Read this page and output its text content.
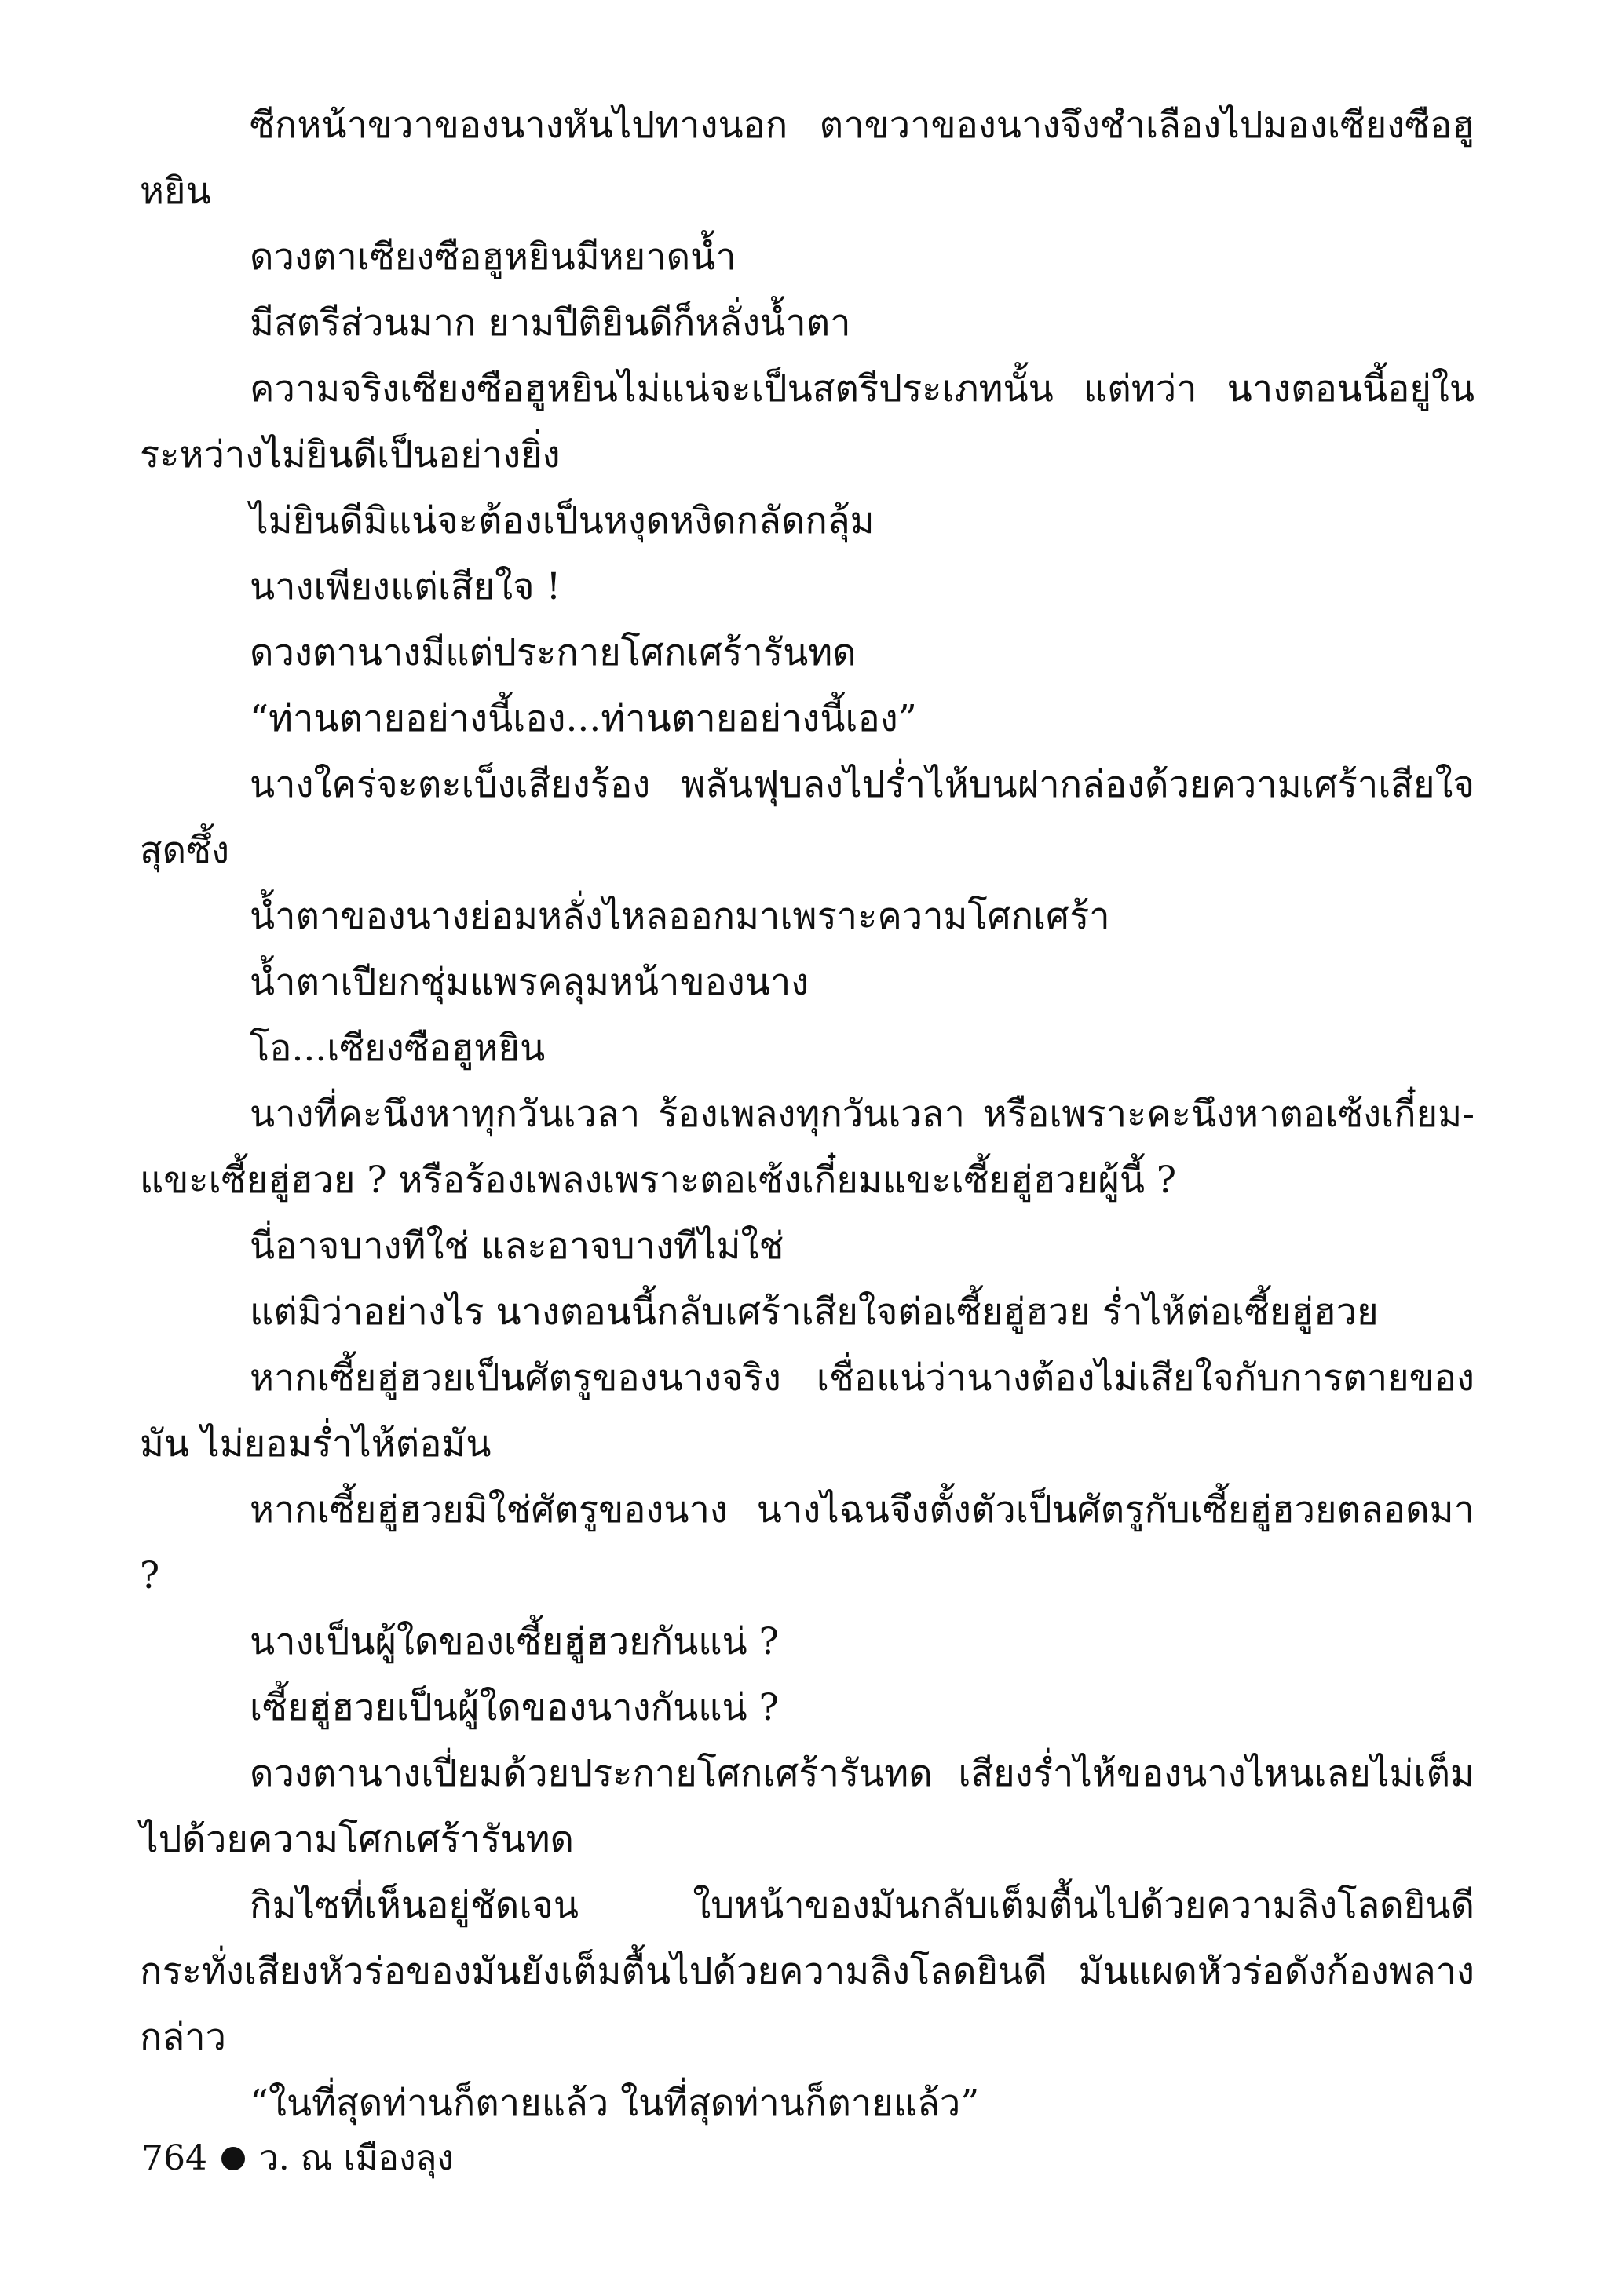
ซีกหน้าขวาของนางหันไปทางนอก ตาขวาของนางจึงชำเลืองไปมองเซียงซือฮูหยิน

ดวงตาเซียงซือฮูหยินมีหยาดน้ำ

มีสตรีส่วนมาก ยามปีติยินดีก็หลั่งน้ำตา

ความจริงเซียงซือฮูหยินไม่แน่จะเป็นสตรีประเภทนั้น แต่ทว่า นางตอนนี้อยู่ในระหว่างไม่ยินดีเป็นอย่างยิ่ง

ไม่ยินดีมิแน่จะต้องเป็นหงุดหงิดกลัดกลุ้ม

นางเพียงแต่เสียใจ !

ดวงตานางมีแต่ประกายโศกเศร้ารันทด

“ท่านตายอย่างนี้เอง...ท่านตายอย่างนี้เอง”

นางใคร่จะตะเบ็งเสียงร้อง พลันฟุบลงไปร่ำไห้บนฝากล่องด้วยความเศร้าเสียใจสุดซึ้ง

น้ำตาของนางย่อมหลั่งไหลออกมาเพราะความโศกเศร้า

น้ำตาเปียกชุ่มแพรคลุมหน้าของนาง

โอ...เซียงซือฮูหยิน

นางที่คะนึงหาทุกวันเวลา ร้องเพลงทุกวันเวลา หรือเพราะคะนึงหาตอเซ้งเกี๋ยม-แขะเซี้ยฮู่ฮวย ? หรือร้องเพลงเพราะตอเซ้งเกี๋ยมแขะเซี้ยฮู่ฮวยผู้นี้ ?

นี่อาจบางทีใช่ และอาจบางทีไม่ใช่

แต่มิว่าอย่างไร นางตอนนี้กลับเศร้าเสียใจต่อเซี้ยฮู่ฮวย ร่ำไห้ต่อเซี้ยฮู่ฮวย

หากเซี้ยฮู่ฮวยเป็นศัตรูของนางจริง เชื่อแน่ว่านางต้องไม่เสียใจกับการตายของมัน ไม่ยอมร่ำไห้ต่อมัน

หากเซี้ยฮู่ฮวยมิใช่ศัตรูของนาง นางไฉนจึงตั้งตัวเป็นศัตรูกับเซี้ยฮู่ฮวยตลอดมา ?

นางเป็นผู้ใดของเซี้ยฮู่ฮวยกันแน่ ?

เซี้ยฮู่ฮวยเป็นผู้ใดของนางกันแน่ ?

ดวงตานางเปี่ยมด้วยประกายโศกเศร้ารันทด เสียงร่ำไห้ของนางไหนเลยไม่เต็มไปด้วยความโศกเศร้ารันทด

กิมไซที่เห็นอยู่ชัดเจน ใบหน้าของมันกลับเต็มตื้นไปด้วยความลิงโลดยินดี กระทั่งเสียงหัวร่อของมันยังเต็มตื้นไปด้วยความลิงโลดยินดี มันแผดหัวร่อดังก้องพลางกล่าว

“ในที่สุดท่านก็ตายแล้ว ในที่สุดท่านก็ตายแล้ว”

764 ว. ณ เมืองลุง
